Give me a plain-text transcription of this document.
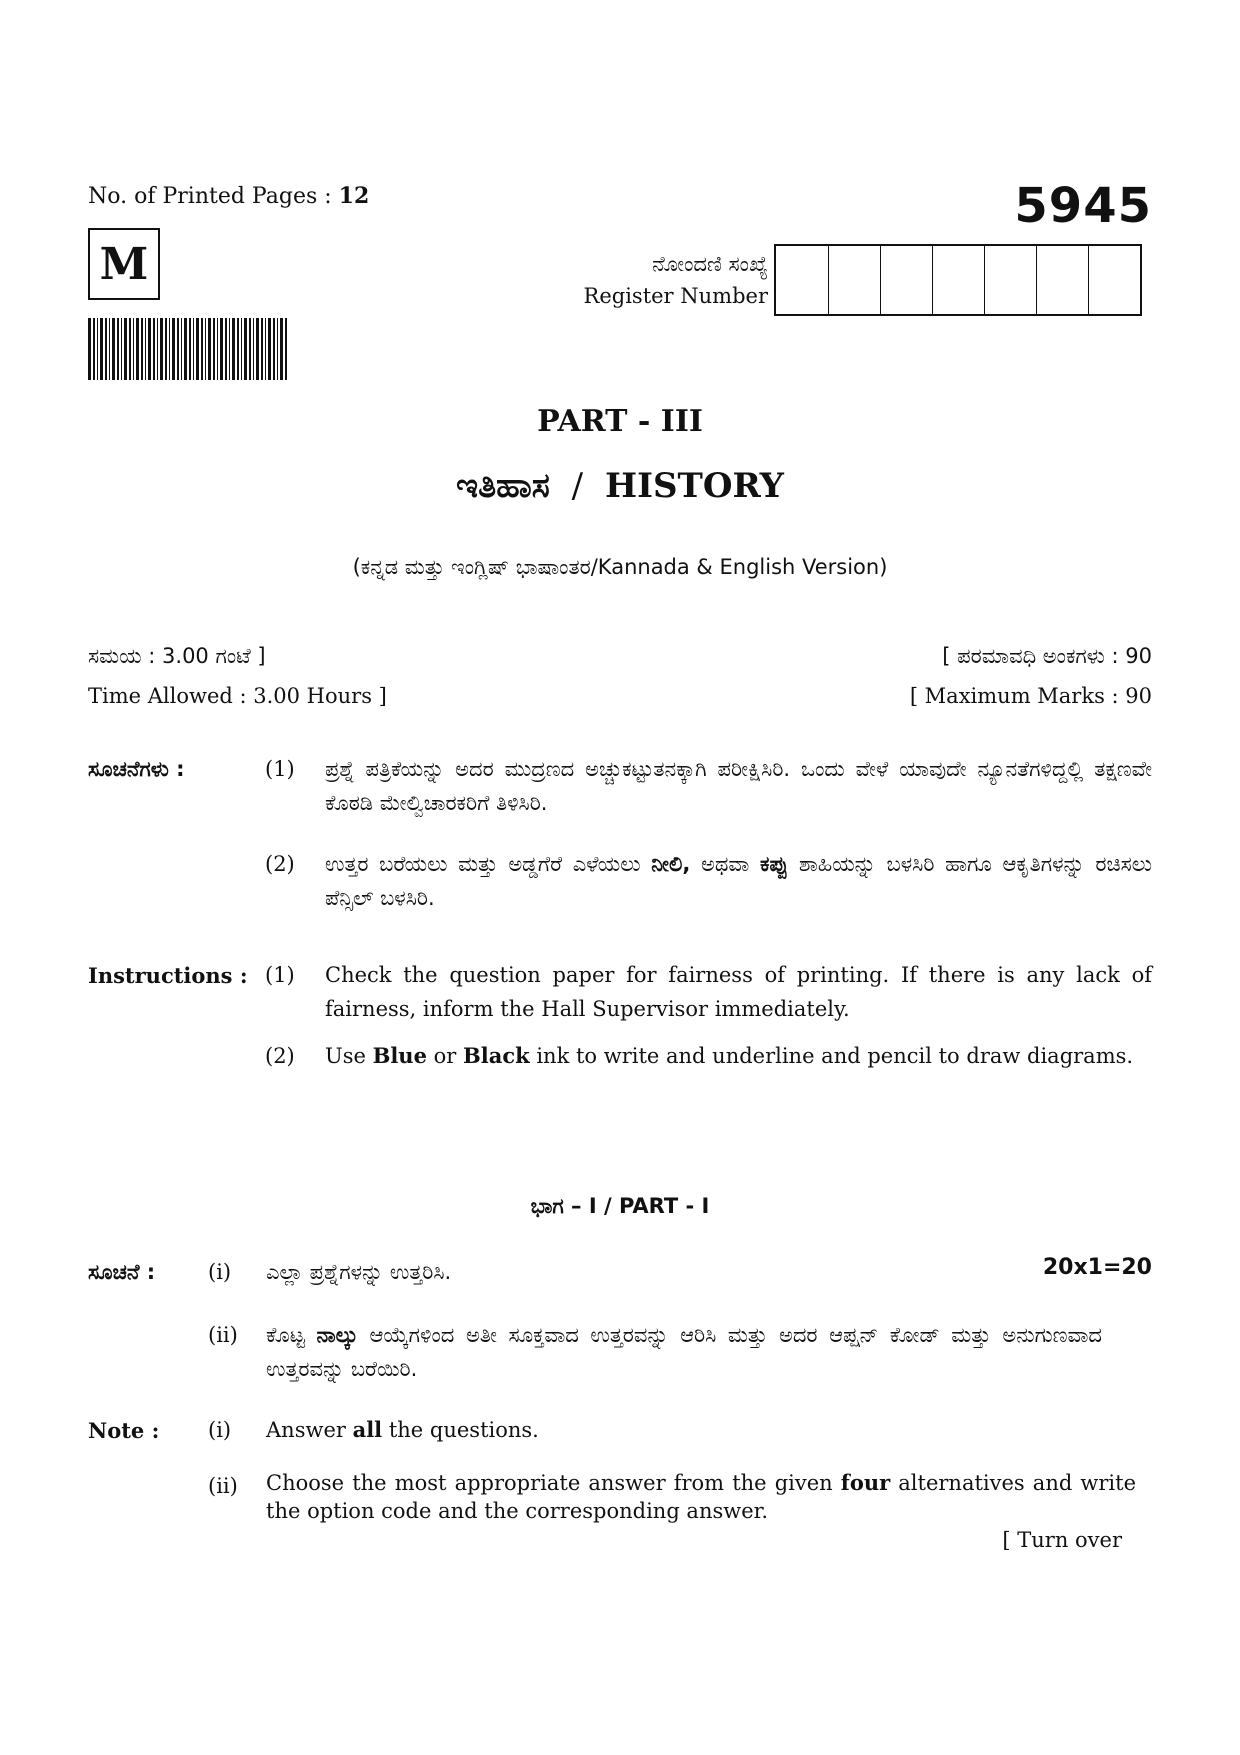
No. of Printed Pages : 12	5945
M	ನೋಂದಣಿ ಸಂಖ್ಯೆ
Register Number
PART - III
ಇತಿಹಾಸ / HISTORY
(ಕನ್ನಡ ಮತ್ತು ಇಂಗ್ಲಿಷ್ ಭಾಷಾಂತರ/Kannada & English Version)
ಸಮಯ : 3.00 ಗಂಟೆ ]	[ ಪರಮಾವಧಿ ಅಂಕಗಳು : 90
Time Allowed : 3.00 Hours ]	[ Maximum Marks : 90
ಸೂಚನೆಗಳು :	(1) ಪ್ರಶ್ನೆ ಪತ್ರಿಕೆಯನ್ನು ಅದರ ಮುದ್ರಣದ ಅಚ್ಚುಕಟ್ಟುತನಕ್ಕಾಗಿ ಪರೀಕ್ಷಿಸಿರಿ. ಒಂದು ವೇಳೆ ಯಾವುದೇ ನ್ಯೂನತೆಗಳಿದ್ದಲ್ಲಿ ತಕ್ಷಣವೇ ಕೊಠಡಿ ಮೇಲ್ವಿಚಾರಕರಿಗೆ ತಿಳಿಸಿರಿ.
(2) ಉತ್ತರ ಬರೆಯಲು ಮತ್ತು ಅಡ್ಡಗೆರೆ ಎಳೆಯಲು ನೀಲಿ, ಅಥವಾ ಕಪ್ಪು ಶಾಹಿಯನ್ನು ಬಳಸಿರಿ ಹಾಗೂ ಆಕೃತಿಗಳನ್ನು ರಚಿಸಲು ಪೆನ್ಸಿಲ್ ಬಳಸಿರಿ.
Instructions : (1) Check the question paper for fairness of printing. If there is any lack of fairness, inform the Hall Supervisor immediately.
(2) Use Blue or Black ink to write and underline and pencil to draw diagrams.
ಭಾಗ – I / PART - I
ಸೂಚನೆ :	(i) ಎಲ್ಲಾ ಪ್ರಶ್ನೆಗಳನ್ನು ಉತ್ತರಿಸಿ.	20x1=20
(ii) ಕೊಟ್ಟ ನಾಲ್ಕು ಆಯ್ಕೆಗಳಿಂದ ಅತೀ ಸೂಕ್ತವಾದ ಉತ್ತರವನ್ನು ಆರಿಸಿ ಮತ್ತು ಅದರ ಆಪ್ಷನ್ ಕೋಡ್ ಮತ್ತು ಅನುಗುಣವಾದ ಉತ್ತರವನ್ನು ಬರೆಯಿರಿ.
Note : (i) Answer all the questions.
(ii) Choose the most appropriate answer from the given four alternatives and write the option code and the corresponding answer.
[ Turn over
